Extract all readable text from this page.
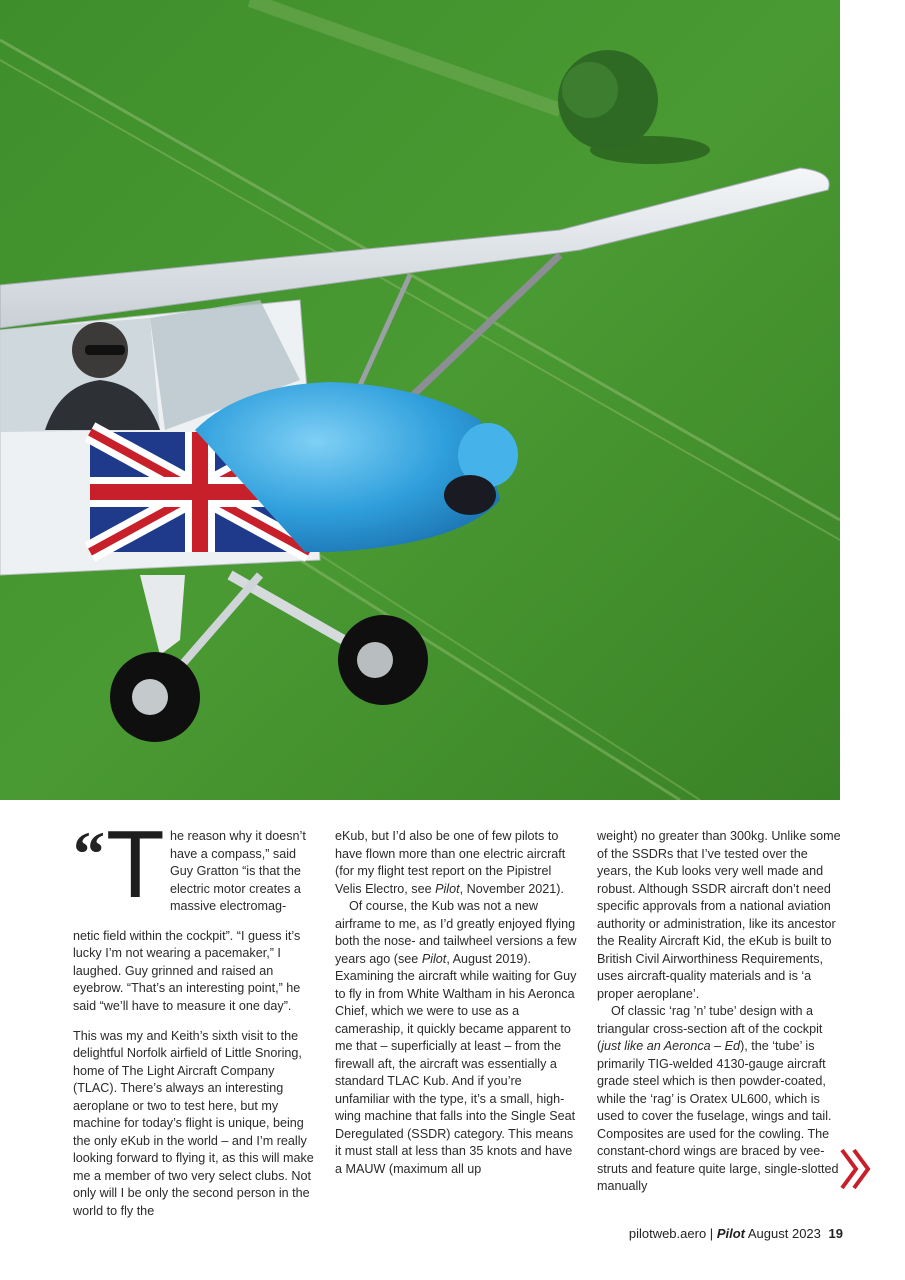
“ T he reason why it doesn’t have a compass,” said Guy Gratton “is that the electric motor creates a massive electromag-

netic field within the cockpit”. “I guess it’s lucky I’m not wearing a pacemaker,” I laughed. Guy grinned and raised an eyebrow. “That’s an interesting point,” he said “we’ll have to measure it one day”.

This was my and Keith’s sixth visit to the delightful Norfolk airfield of Little Snoring, home of The Light Aircraft Company (TLAC). There’s always an interesting aeroplane or two to test here, but my machine for today’s flight is unique, being the only eKub in the world – and I’m really looking forward to flying it, as this will make me a member of two very select clubs. Not only will I be only the second person in the world to fly the

eKub, but I’d also be one of few pilots to have flown more than one electric aircraft (for my flight test report on the Pipistrel Velis Electro, see Pilot, November 2021).

Of course, the Kub was not a new airframe to me, as I’d greatly enjoyed flying both the nose- and tailwheel versions a few years ago (see Pilot, August 2019). Examining the aircraft while waiting for Guy to fly in from White Waltham in his Aeronca Chief, which we were to use as a cameraship, it quickly became apparent to me that – superficially at least – from the firewall aft, the aircraft was essentially a standard TLAC Kub. And if you’re unfamiliar with the type, it’s a small, high-wing machine that falls into the Single Seat Deregulated (SSDR) category. This means it must stall at less than 35 knots and have a MAUW (maximum all up

weight) no greater than 300kg. Unlike some of the SSDRs that I’ve tested over the years, the Kub looks very well made and robust. Although SSDR aircraft don’t need specific approvals from a national aviation authority or administration, like its ancestor the Reality Aircraft Kid, the eKub is built to British Civil Airworthiness Requirements, uses aircraft-quality materials and is ‘a proper aeroplane’.

Of classic ‘rag ’n’ tube’ design with a triangular cross-section aft of the cockpit (just like an Aeronca – Ed), the ‘tube’ is primarily TIG-welded 4130-gauge aircraft grade steel which is then powder-coated, while the ‘rag’ is Oratex UL600, which is used to cover the fuselage, wings and tail. Composites are used for the cowling. The constant-chord wings are braced by vee-struts and feature quite large, single-slotted manually

pilotweb.aero | Pilot August 2023 19
